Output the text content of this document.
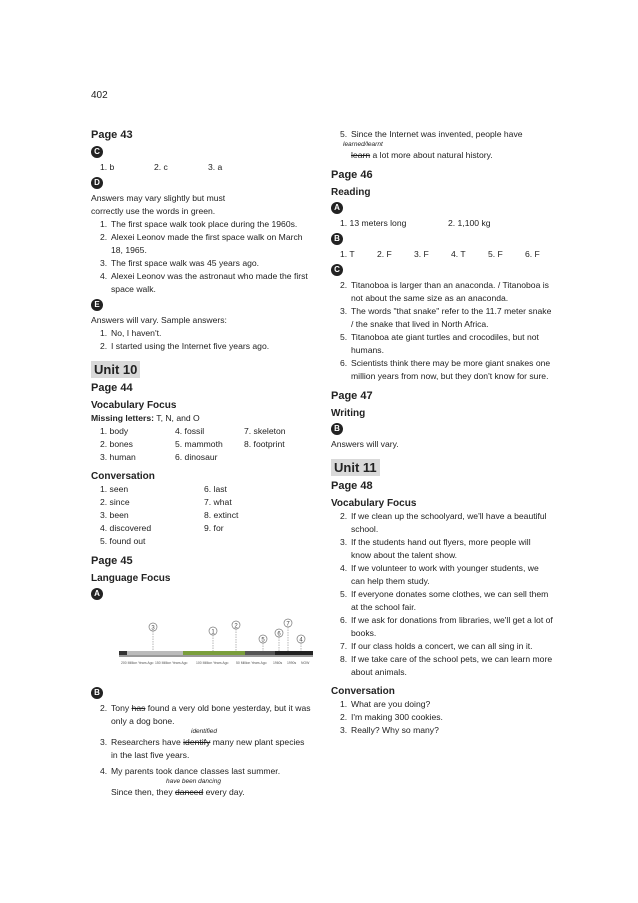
402
Page 43
C
1. b	2. c	3. a
D
Answers may vary slightly but must
correctly use the words in green.
1. The first space walk took place during the 1960s.
2. Alexei Leonov made the first space walk on March 18, 1965.
3. The first space walk was 45 years ago.
4. Alexei Leonov was the astronaut who made the first space walk.
E
Answers will vary. Sample answers:
1. No, I haven't.
2. I started using the Internet five years ago.
Unit 10
Page 44
Vocabulary Focus
Missing letters: T, N, and O
1. body	4. fossil	7. skeleton
2. bones	5. mammoth	8. footprint
3. human	6. dinosaur
Conversation
1. seen	6. last
2. since	7. what
3. been	8. extinct
4. discovered	9. for
5. found out
Page 45
Language Focus
A
3
1
2
5
6
7
4
200 Million Years Ago 150 Million Years Ago	100 Million Years Ago 50 Million Years Ago 1960s 1990s NOW
B
2. Tony has found a very old bone yesterday, but it was only a dog bone.
identified
3. Researchers have identify many new plant species in the last five years.
4. My parents took dance classes last summer.
have been dancing
Since then, they danced every day.
5. Since the Internet was invented, people have
learned/learnt
learn a lot more about natural history.
Page 46
Reading
A
1. 13 meters long	2. 1,100 kg
B
1. T	2. F	3. F	4. T	5. F	6. F
C
2. Titanoboa is larger than an anaconda. / Titanoboa is not about the same size as an anaconda.
3. The words "that snake" refer to the 11.7 meter snake / the snake that lived in North Africa.
5. Titanoboa ate giant turtles and crocodiles, but not humans.
6. Scientists think there may be more giant snakes one million years from now, but they don't know for sure.
Page 47
Writing
B
Answers will vary.
Unit 11
Page 48
Vocabulary Focus
2. If we clean up the schoolyard, we'll have a beautiful school.
3. If the students hand out flyers, more people will know about the talent show.
4. If we volunteer to work with younger students, we can help them study.
5. If everyone donates some clothes, we can sell them at the school fair.
6. If we ask for donations from libraries, we'll get a lot of books.
7. If our class holds a concert, we can all sing in it.
8. If we take care of the school pets, we can learn more about animals.
Conversation
1. What are you doing?
2. I'm making 300 cookies.
3. Really? Why so many?
